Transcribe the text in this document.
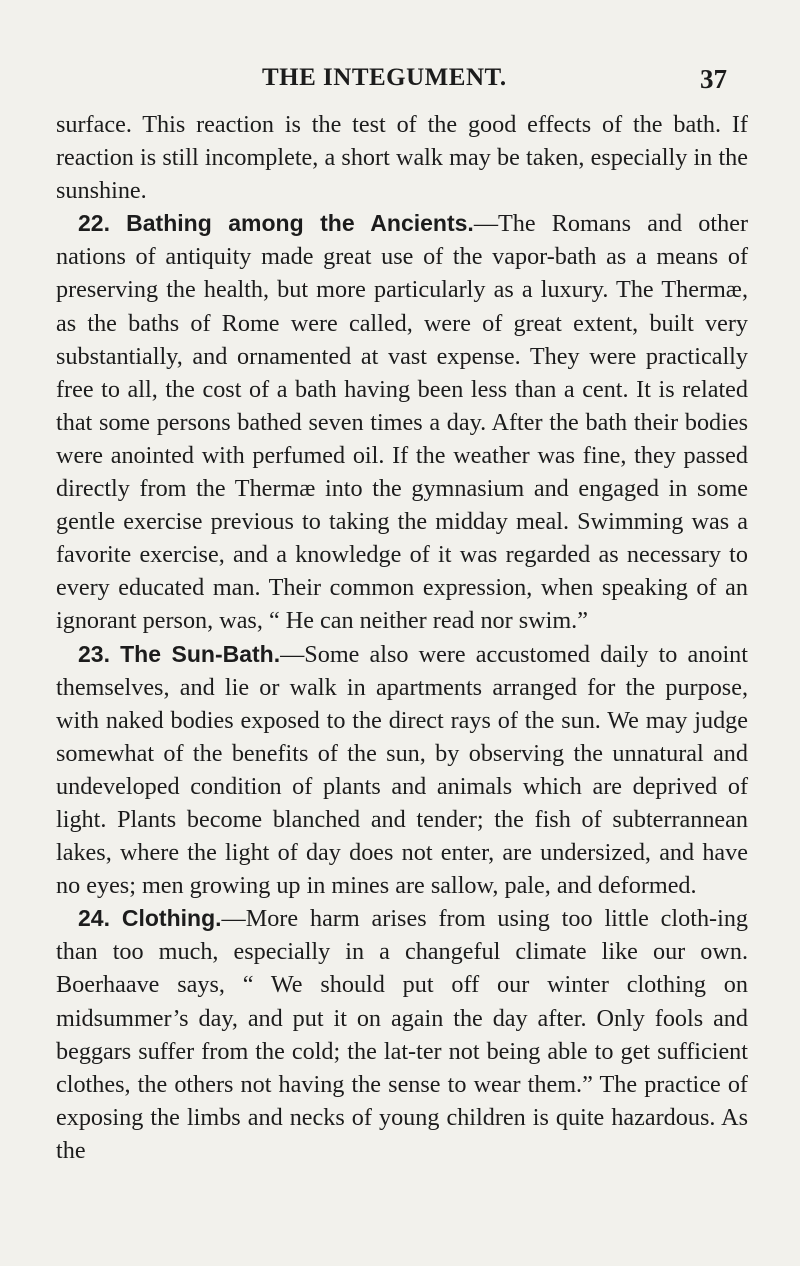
THE INTEGUMENT.	37

surface. This reaction is the test of the good effects of the bath. If reaction is still incomplete, a short walk may be taken, especially in the sunshine.

22. Bathing among the Ancients.—The Romans and other nations of antiquity made great use of the vapor-bath as a means of preserving the health, but more particularly as a luxury. The Thermæ, as the baths of Rome were called, were of great extent, built very substantially, and ornamented at vast expense. They were practically free to all, the cost of a bath having been less than a cent. It is related that some persons bathed seven times a day. After the bath their bodies were anointed with perfumed oil. If the weather was fine, they passed directly from the Thermæ into the gymnasium and engaged in some gentle exercise previous to taking the midday meal. Swimming was a favorite exercise, and a knowledge of it was regarded as necessary to every educated man. Their common expression, when speaking of an ignorant person, was, “ He can neither read nor swim.”

23. The Sun-Bath.—Some also were accustomed daily to anoint themselves, and lie or walk in apartments arranged for the purpose, with naked bodies exposed to the direct rays of the sun. We may judge somewhat of the benefits of the sun, by observing the unnatural and undeveloped condition of plants and animals which are deprived of light. Plants become blanched and tender; the fish of subterrannean lakes, where the light of day does not enter, are undersized, and have no eyes; men growing up in mines are sallow, pale, and deformed.

24. Clothing.—More harm arises from using too little cloth-ing than too much, especially in a changeful climate like our own. Boerhaave says, “ We should put off our winter clothing on midsummer’s day, and put it on again the day after. Only fools and beggars suffer from the cold; the lat-ter not being able to get sufficient clothes, the others not having the sense to wear them.” The practice of exposing the limbs and necks of young children is quite hazardous. As the
